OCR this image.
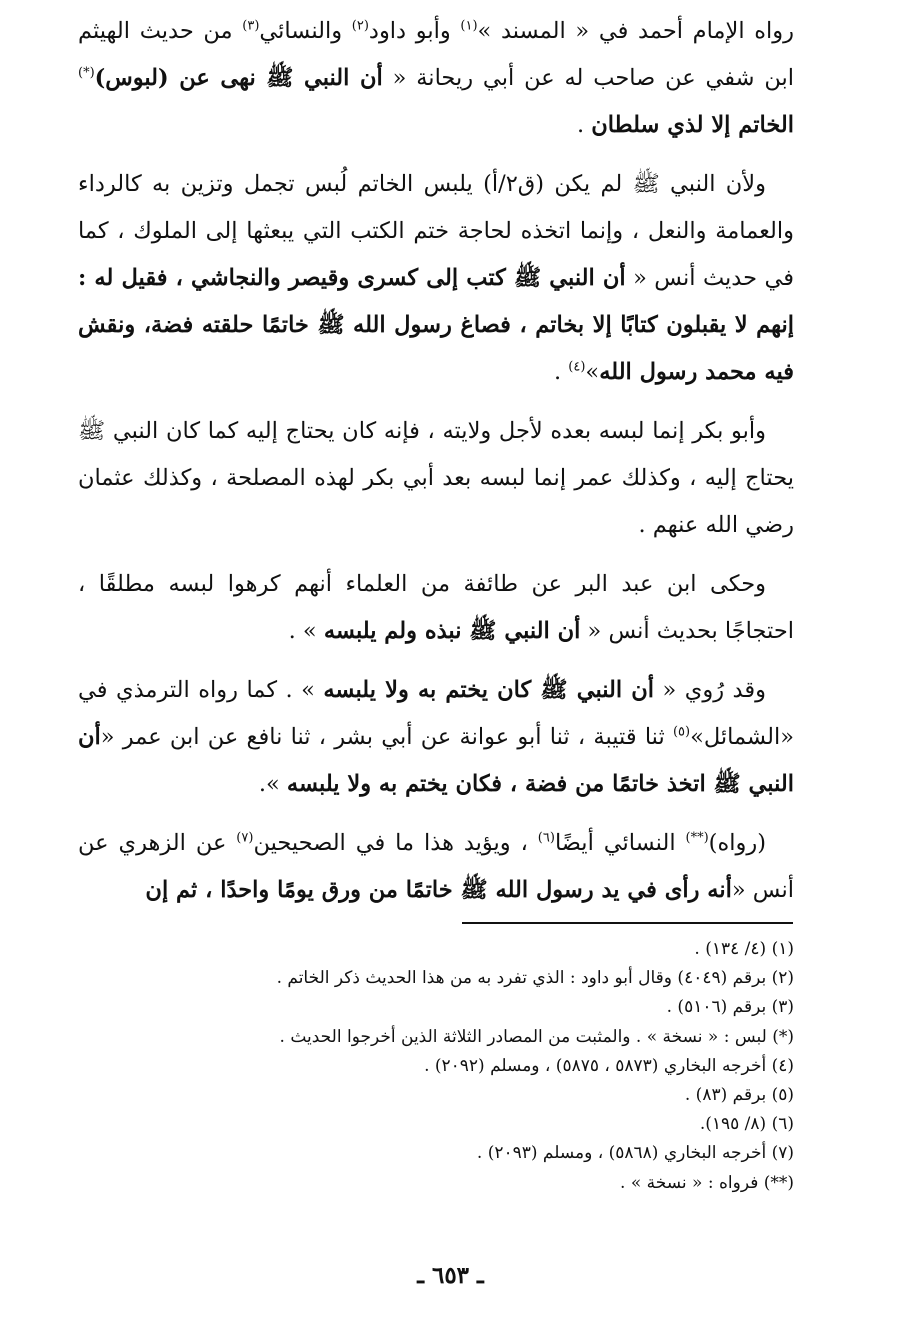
رواه الإمام أحمد في « المسند »$^{(١)}$ وأبو داود$^{(٢)}$ والنسائي$^{(٣)}$ من حديث الهيثم ابن شفي عن صاحب له عن أبي ريحانة « أن النبي ﷺ نهى عن (لبوس)(*) الخاتم إلا لذي سلطان .

ولأن النبي ﷺ لم يكن (ق٢/أ) يلبس الخاتم لُبس تجمل وتزين به كالرداء والعمامة والنعل ، وإنما اتخذه لحاجة ختم الكتب التي يبعثها إلى الملوك ، كما في حديث أنس « أن النبي ﷺ كتب إلى كسرى وقيصر والنجاشي ، فقيل له : إنهم لا يقبلون كتابًا إلا بخاتم ، فصاغ رسول الله ﷺ خاتمًا حلقته فضة، ونقش فيه محمد رسول الله»$^{(٤)}$ .

وأبو بكر إنما لبسه بعده لأجل ولايته ، فإنه كان يحتاج إليه كما كان النبي ﷺ يحتاج إليه ، وكذلك عمر إنما لبسه بعد أبي بكر لهذه المصلحة ، وكذلك عثمان رضي الله عنهم .

وحكى ابن عبد البر عن طائفة من العلماء أنهم كرهوا لبسه مطلقًا ، احتجاجًا بحديث أنس « أن النبي ﷺ نبذه ولم يلبسه » .

وقد رُوي « أن النبي ﷺ كان يختم به ولا يلبسه » . كما رواه الترمذي في «الشمائل»$^{(٥)}$ ثنا قتيبة ، ثنا أبو عوانة عن أبي بشر ، ثنا نافع عن ابن عمر «أن النبي ﷺ اتخذ خاتمًا من فضة ، فكان يختم به ولا يلبسه ».

(رواه)(**) النسائي أيضًا$^{(٦)}$ ، ويؤيد هذا ما في الصحيحين$^{(٧)}$ عن الزهري عن أنس «أنه رأى في يد رسول الله ﷺ خاتمًا من ورق يومًا واحدًا ، ثم إن

(١) (٤/ ١٣٤) .

(٢) برقم (٤٠٤٩) وقال أبو داود : الذي تفرد به من هذا الحديث ذكر الخاتم .

(٣) برقم (٥١٠٦) .

(*) لبس : « نسخة » . والمثبت من المصادر الثلاثة الذين أخرجوا الحديث .

(٤) أخرجه البخاري (٥٨٧٣ ، ٥٨٧٥) ، ومسلم (٢٠٩٢) .

(٥) برقم (٨٣) .

(٦) (٨/ ١٩٥).

(٧) أخرجه البخاري (٥٨٦٨) ، ومسلم (٢٠٩٣) .

(**) فرواه : « نسخة » .

ـ ٦٥٣ ـ
